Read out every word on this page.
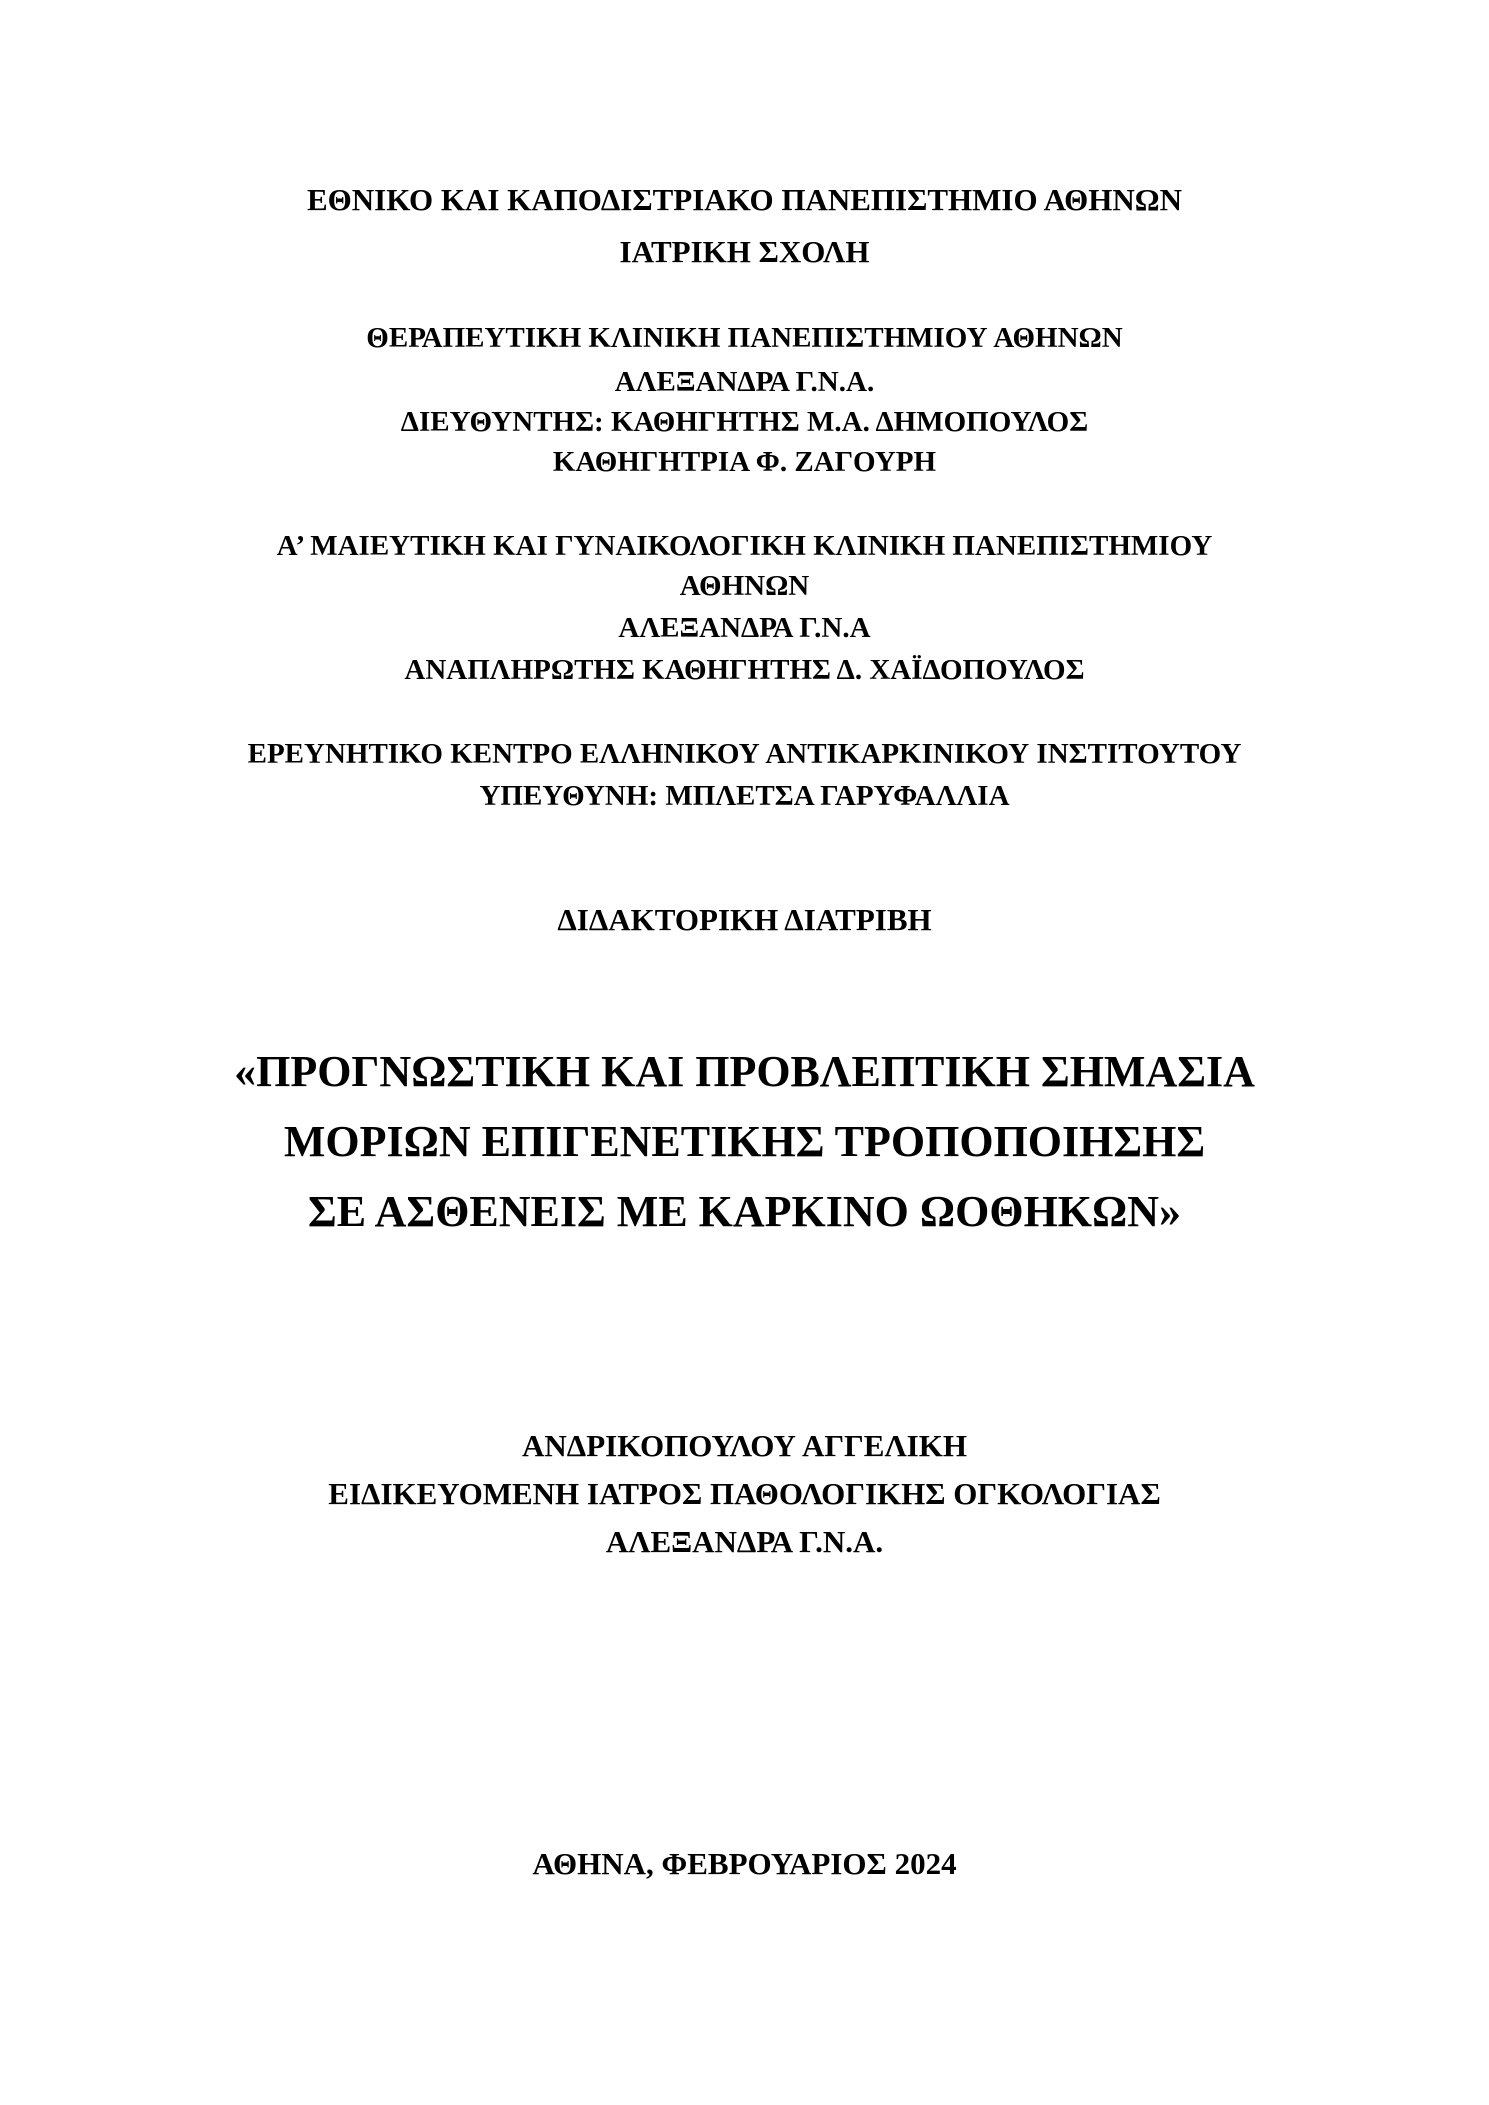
ΕΘΝΙΚΟ ΚΑΙ ΚΑΠΟΔΙΣΤΡΙΑΚΟ ΠΑΝΕΠΙΣΤΗΜΙΟ ΑΘΗΝΩΝ
ΙΑΤΡΙΚΗ ΣΧΟΛΗ
ΘΕΡΑΠΕΥΤΙΚΗ ΚΛΙΝΙΚΗ ΠΑΝΕΠΙΣΤΗΜΙΟΥ ΑΘΗΝΩΝ
ΑΛΕΞΑΝΔΡΑ Γ.Ν.Α.
ΔΙΕΥΘΥΝΤΗΣ: ΚΑΘΗΓΗΤΗΣ Μ.Α. ΔΗΜΟΠΟΥΛΟΣ
ΚΑΘΗΓΗΤΡΙΑ Φ. ΖΑΓΟΥΡΗ
Α’ ΜΑΙΕΥΤΙΚΗ ΚΑΙ ΓΥΝΑΙΚΟΛΟΓΙΚΗ ΚΛΙΝΙΚΗ ΠΑΝΕΠΙΣΤΗΜΙΟΥ
ΑΘΗΝΩΝ
ΑΛΕΞΑΝΔΡΑ Γ.Ν.Α
ΑΝΑΠΛΗΡΩΤΗΣ ΚΑΘΗΓΗΤΗΣ Δ. ΧΑΪΔΟΠΟΥΛΟΣ
ΕΡΕΥΝΗΤΙΚΟ ΚΕΝΤΡΟ ΕΛΛΗΝΙΚΟΥ ΑΝΤΙΚΑΡΚΙΝΙΚΟΥ ΙΝΣΤΙΤΟΥΤΟΥ
ΥΠΕΥΘΥΝΗ: ΜΠΛΕΤΣΑ ΓΑΡΥΦΑΛΛΙΑ
ΔΙΔΑΚΤΟΡΙΚΗ ΔΙΑΤΡΙΒΗ
«ΠΡΟΓΝΩΣΤΙΚΗ ΚΑΙ ΠΡΟΒΛΕΠΤΙΚΗ ΣΗΜΑΣΙΑ
ΜΟΡΙΩΝ ΕΠΙΓΕΝΕΤΙΚΗΣ ΤΡΟΠΟΠΟΙΗΣΗΣ
ΣΕ ΑΣΘΕΝΕΙΣ ΜΕ ΚΑΡΚΙΝΟ ΩΟΘΗΚΩΝ»
ΑΝΔΡΙΚΟΠΟΥΛΟΥ ΑΓΓΕΛΙΚΗ
ΕΙΔΙΚΕΥΟΜΕΝΗ ΙΑΤΡΟΣ ΠΑΘΟΛΟΓΙΚΗΣ ΟΓΚΟΛΟΓΙΑΣ
ΑΛΕΞΑΝΔΡΑ Γ.Ν.Α.
ΑΘΗΝΑ, ΦΕΒΡΟΥΑΡΙΟΣ 2024
